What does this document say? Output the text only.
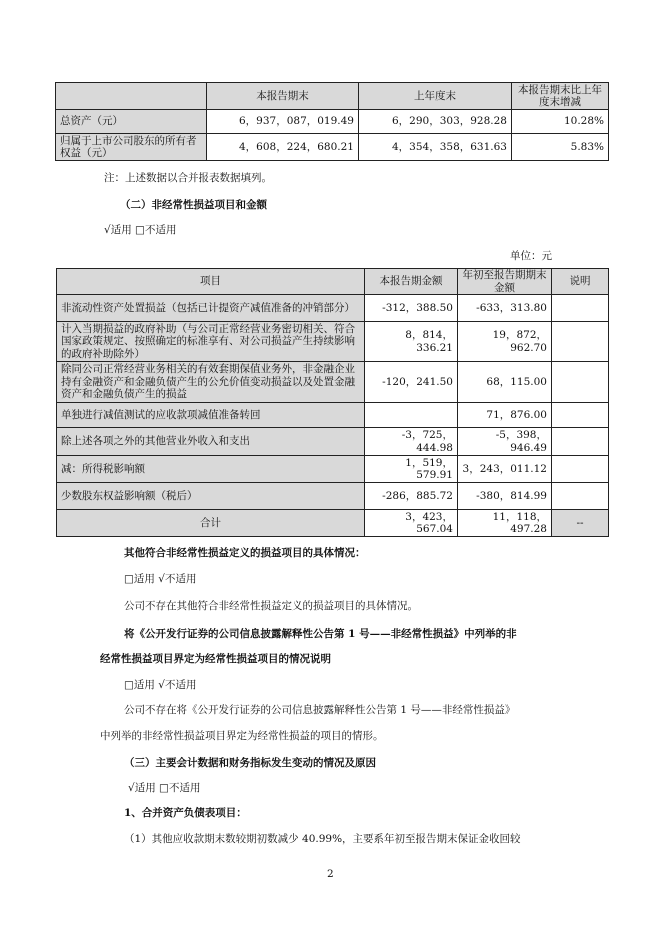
	本报告期末	上年度末	本报告期末比上年度末增减
总资产（元）	6，937，087，019.49	6，290，303，928.28	10.28%
归属于上市公司股东的所有者权益（元）	4，608，224，680.21	4，354，358，631.63	5.83%
注：上述数据以合并报表数据填列。
（二）非经常性损益项目和金额
√适用 □不适用
单位：元
项目	本报告期金额	年初至报告期期末金额	说明
非流动性资产处置损益（包括已计提资产减值准备的冲销部分）	-312，388.50	-633，313.80	
计入当期损益的政府补助（与公司正常经营业务密切相关、符合国家政策规定、按照确定的标准享有、对公司损益产生持续影响的政府补助除外）	8，814，336.21	19，872，962.70	
除同公司正常经营业务相关的有效套期保值业务外，非金融企业持有金融资产和金融负债产生的公允价值变动损益以及处置金融资产和金融负债产生的损益	-120，241.50	68，115.00	
单独进行减值测试的应收款项减值准备转回		71，876.00	
除上述各项之外的其他营业外收入和支出	-3，725，444.98	-5，398，946.49	
减：所得税影响额	1，519，579.91	3，243，011.12	
少数股东权益影响额（税后）	-286，885.72	-380，814.99	
合计	3，423，567.04	11，118，497.28	--
其他符合非经常性损益定义的损益项目的具体情况：
□适用 √不适用
公司不存在其他符合非经常性损益定义的损益项目的具体情况。
将《公开发行证券的公司信息披露解释性公告第 1 号——非经常性损益》中列举的非
经常性损益项目界定为经常性损益项目的情况说明
□适用 √不适用
公司不存在将《公开发行证券的公司信息披露解释性公告第 1 号——非经常性损益》
中列举的非经常性损益项目界定为经常性损益的项目的情形。
（三）主要会计数据和财务指标发生变动的情况及原因
√适用 □不适用
1、合并资产负债表项目：
（1）其他应收款期末数较期初数减少 40.99%，主要系年初至报告期末保证金收回较
2
